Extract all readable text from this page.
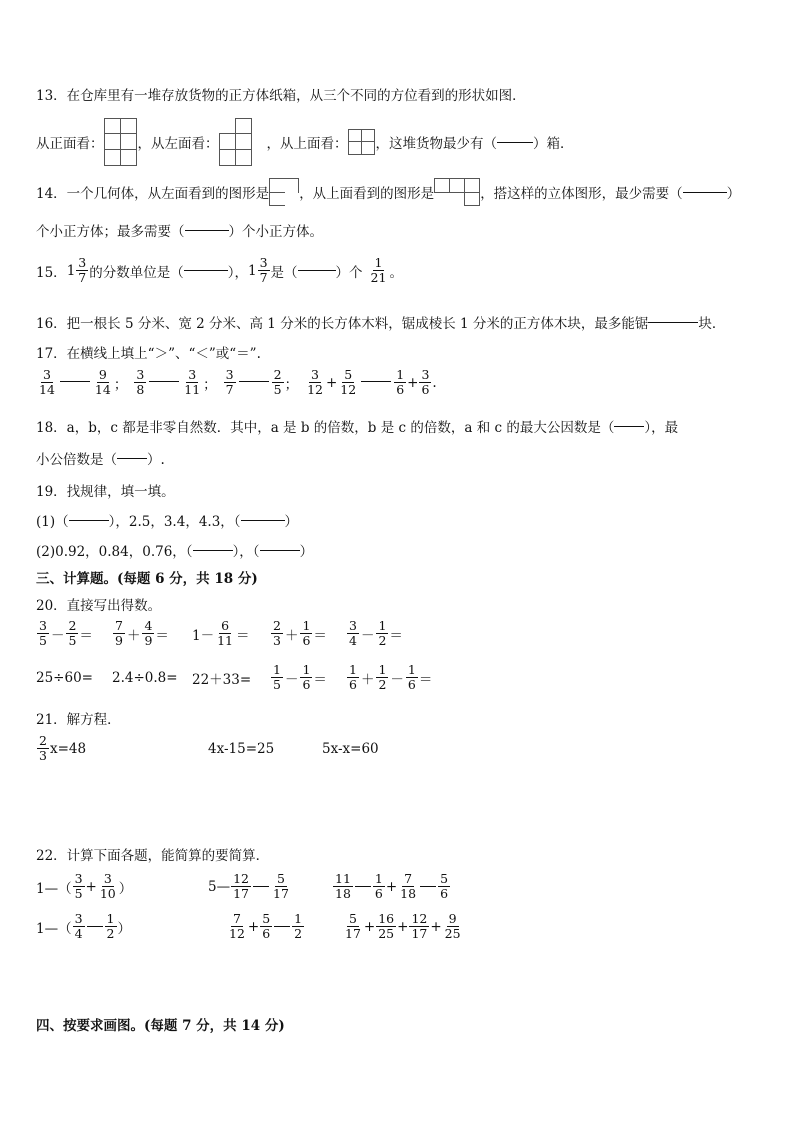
13．在仓库里有一堆存放货物的正方体纸箱，从三个不同的方位看到的形状如图．
从正面看：	，从左面看：	，从上面看： ，这堆货物最少有（	）箱．
14．一个几何体，从左面看到的图形是 ，从上面看到的图形是	，搭这样的立体图形，最少需要（	）
个小正方体；最多需要（	）个小正方体。
15． $1 \frac{3}{7}$ 的分数单位是（	）， $1 \frac{3}{7}$ 是（	）个 $\frac{1}{21}$ 。
16．把一根长 5 分米、宽 2 分米、高 1 分米的长方体木料，锯成棱长 1 分米的正方体木块，最多能锯	块．
17．在横线上填上“＞”、“＜”或“＝”.
$\frac{3}{14}$	$\frac{9}{14}$ ； $\frac{3}{8}$	$\frac{3}{11}$ ； $\frac{3}{7}$	$\frac{2}{5}$ ； $\frac{3}{12} + \frac{5}{12}$	$\frac{1}{6} + \frac{3}{6}$ .
18．a，b，c 都是非零自然数．其中，a 是 b 的倍数，b 是 c 的倍数，a 和 c 的最大公因数是（ ），最
小公倍数是（ ）.
19．找规律，填一填。
(1)（	），2.5，3.4，4.3，（	）
(2)0.92，0.84，0.76，（	），（	）
三、计算题。(每题 6 分，共 18 分)
20．直接写出得数。
$\frac{3}{5} - \frac{2}{5} = \frac{7}{9} + \frac{4}{9} = 1- \frac{6}{11} = \frac{2}{3} + \frac{1}{6} = \frac{3}{4} - \frac{1}{2}$ ＝
25÷60=	2.4÷0.8=	22＋33=	$\frac{1}{5} - \frac{1}{6} = \frac{1}{6} + \frac{1}{2} - \frac{1}{6}$ ＝
21．解方程．
$\frac{2}{3} x=48$	4x-15=25	5x-x=60
22．计算下面各题，能简算的要简算．
1—（ $\frac{3}{5} + \frac{3}{10}$ ）	5— $\frac{12}{17} \frac{5}{17}$	$\frac{11}{18} \frac{1}{6} + \frac{7}{18} \frac{5}{6}$
1—（ $\frac{3}{4} \frac{1}{2}$ ）	$\frac{7}{12} + \frac{5}{6} \frac{1}{2}$	$\frac{5}{17} + \frac{16}{25} + \frac{12}{17} + \frac{9}{25}$
四、按要求画图。(每题 7 分，共 14 分)
